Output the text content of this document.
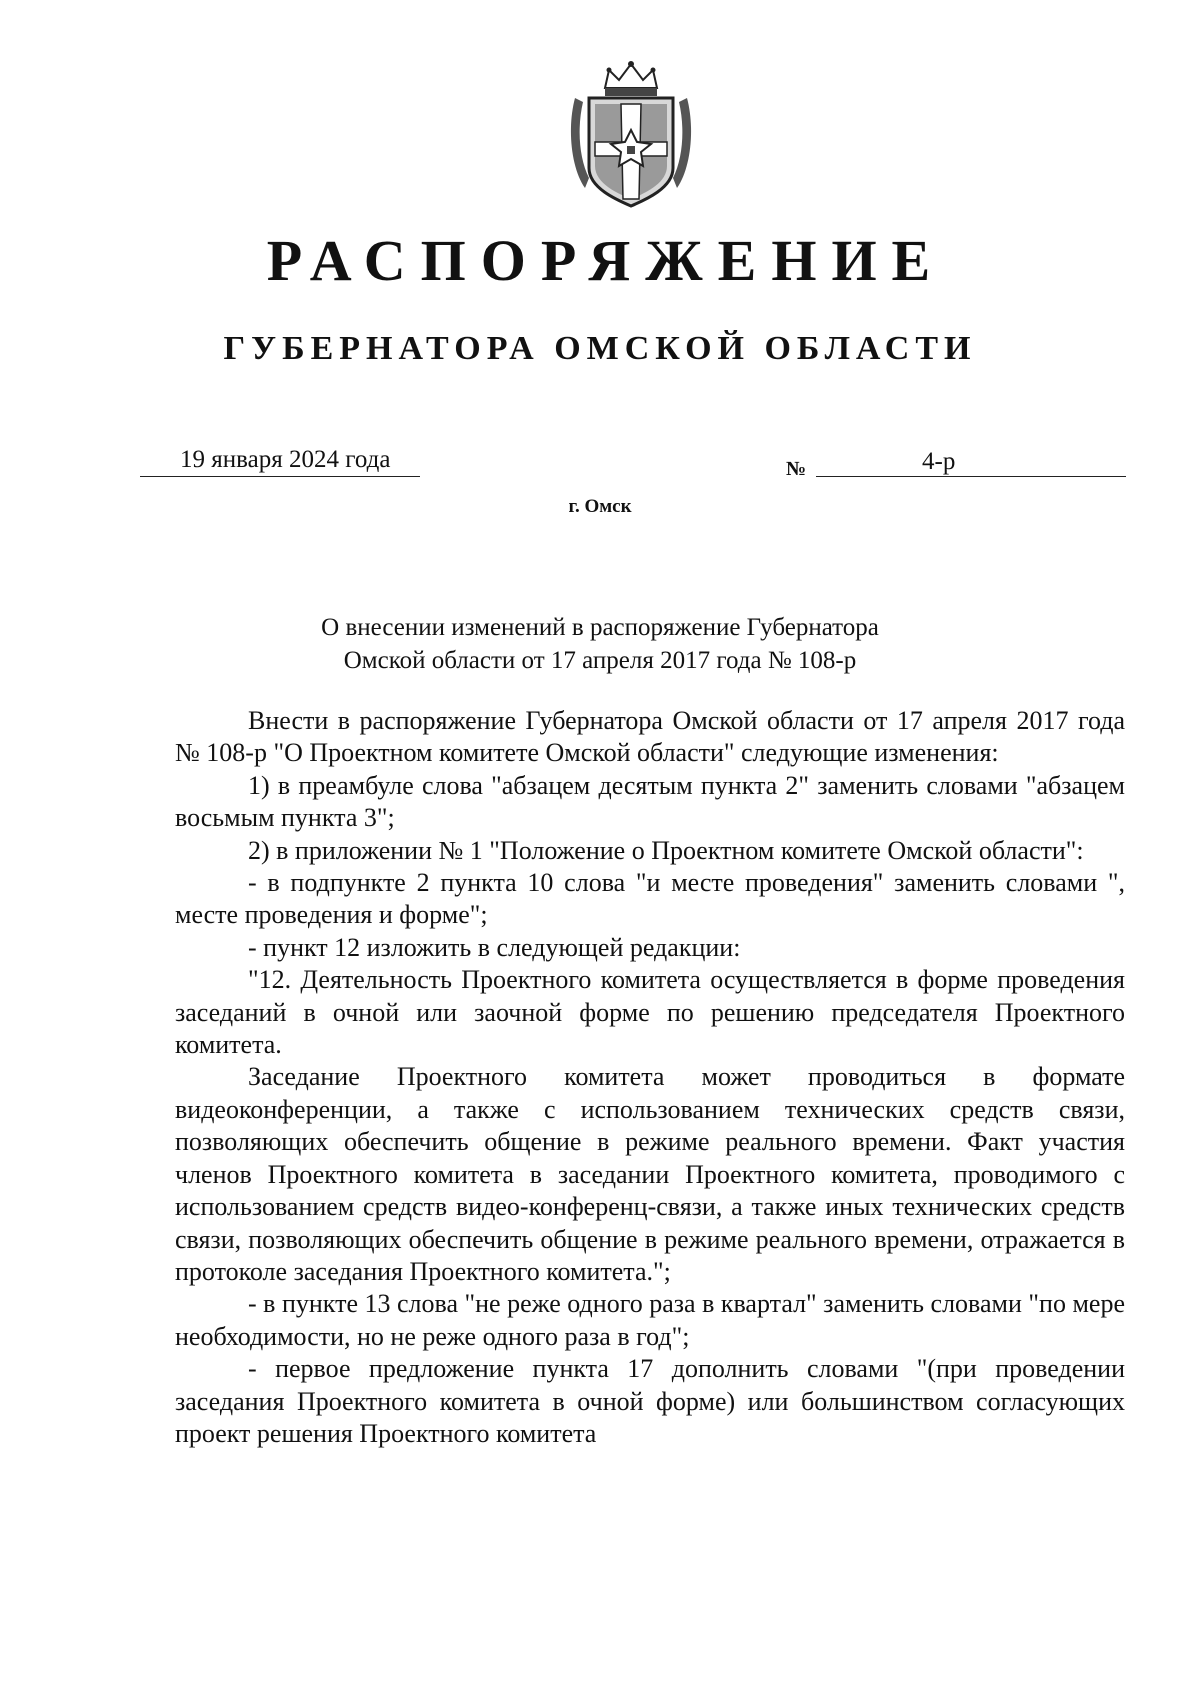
РАСПОРЯЖЕНИЕ
ГУБЕРНАТОРА ОМСКОЙ ОБЛАСТИ
19 января 2024 года	№	4-р
г. Омск
О внесении изменений в распоряжение Губернатора
Омской области от 17 апреля 2017 года № 108-р

Внести в распоряжение Губернатора Омской области от 17 апреля 2017 года № 108-р "О Проектном комитете Омской области" следующие изменения:

1) в преамбуле слова "абзацем десятым пункта 2" заменить словами "абзацем восьмым пункта 3";

2) в приложении № 1 "Положение о Проектном комитете Омской области":

- в подпункте 2 пункта 10 слова "и месте проведения" заменить словами ", месте проведения и форме";

- пункт 12 изложить в следующей редакции:

"12. Деятельность Проектного комитета осуществляется в форме проведения заседаний в очной или заочной форме по решению председателя Проектного комитета.

Заседание Проектного комитета может проводиться в формате видеоконференции, а также с использованием технических средств связи, позволяющих обеспечить общение в режиме реального времени. Факт участия членов Проектного комитета в заседании Проектного комитета, проводимого с использованием средств видео-конференц-связи, а также иных технических средств связи, позволяющих обеспечить общение в режиме реального времени, отражается в протоколе заседания Проектного комитета.";

- в пункте 13 слова "не реже одного раза в квартал" заменить словами "по мере необходимости, но не реже одного раза в год";

- первое предложение пункта 17 дополнить словами "(при проведении заседания Проектного комитета в очной форме) или большинством согласующих проект решения Проектного комитета
